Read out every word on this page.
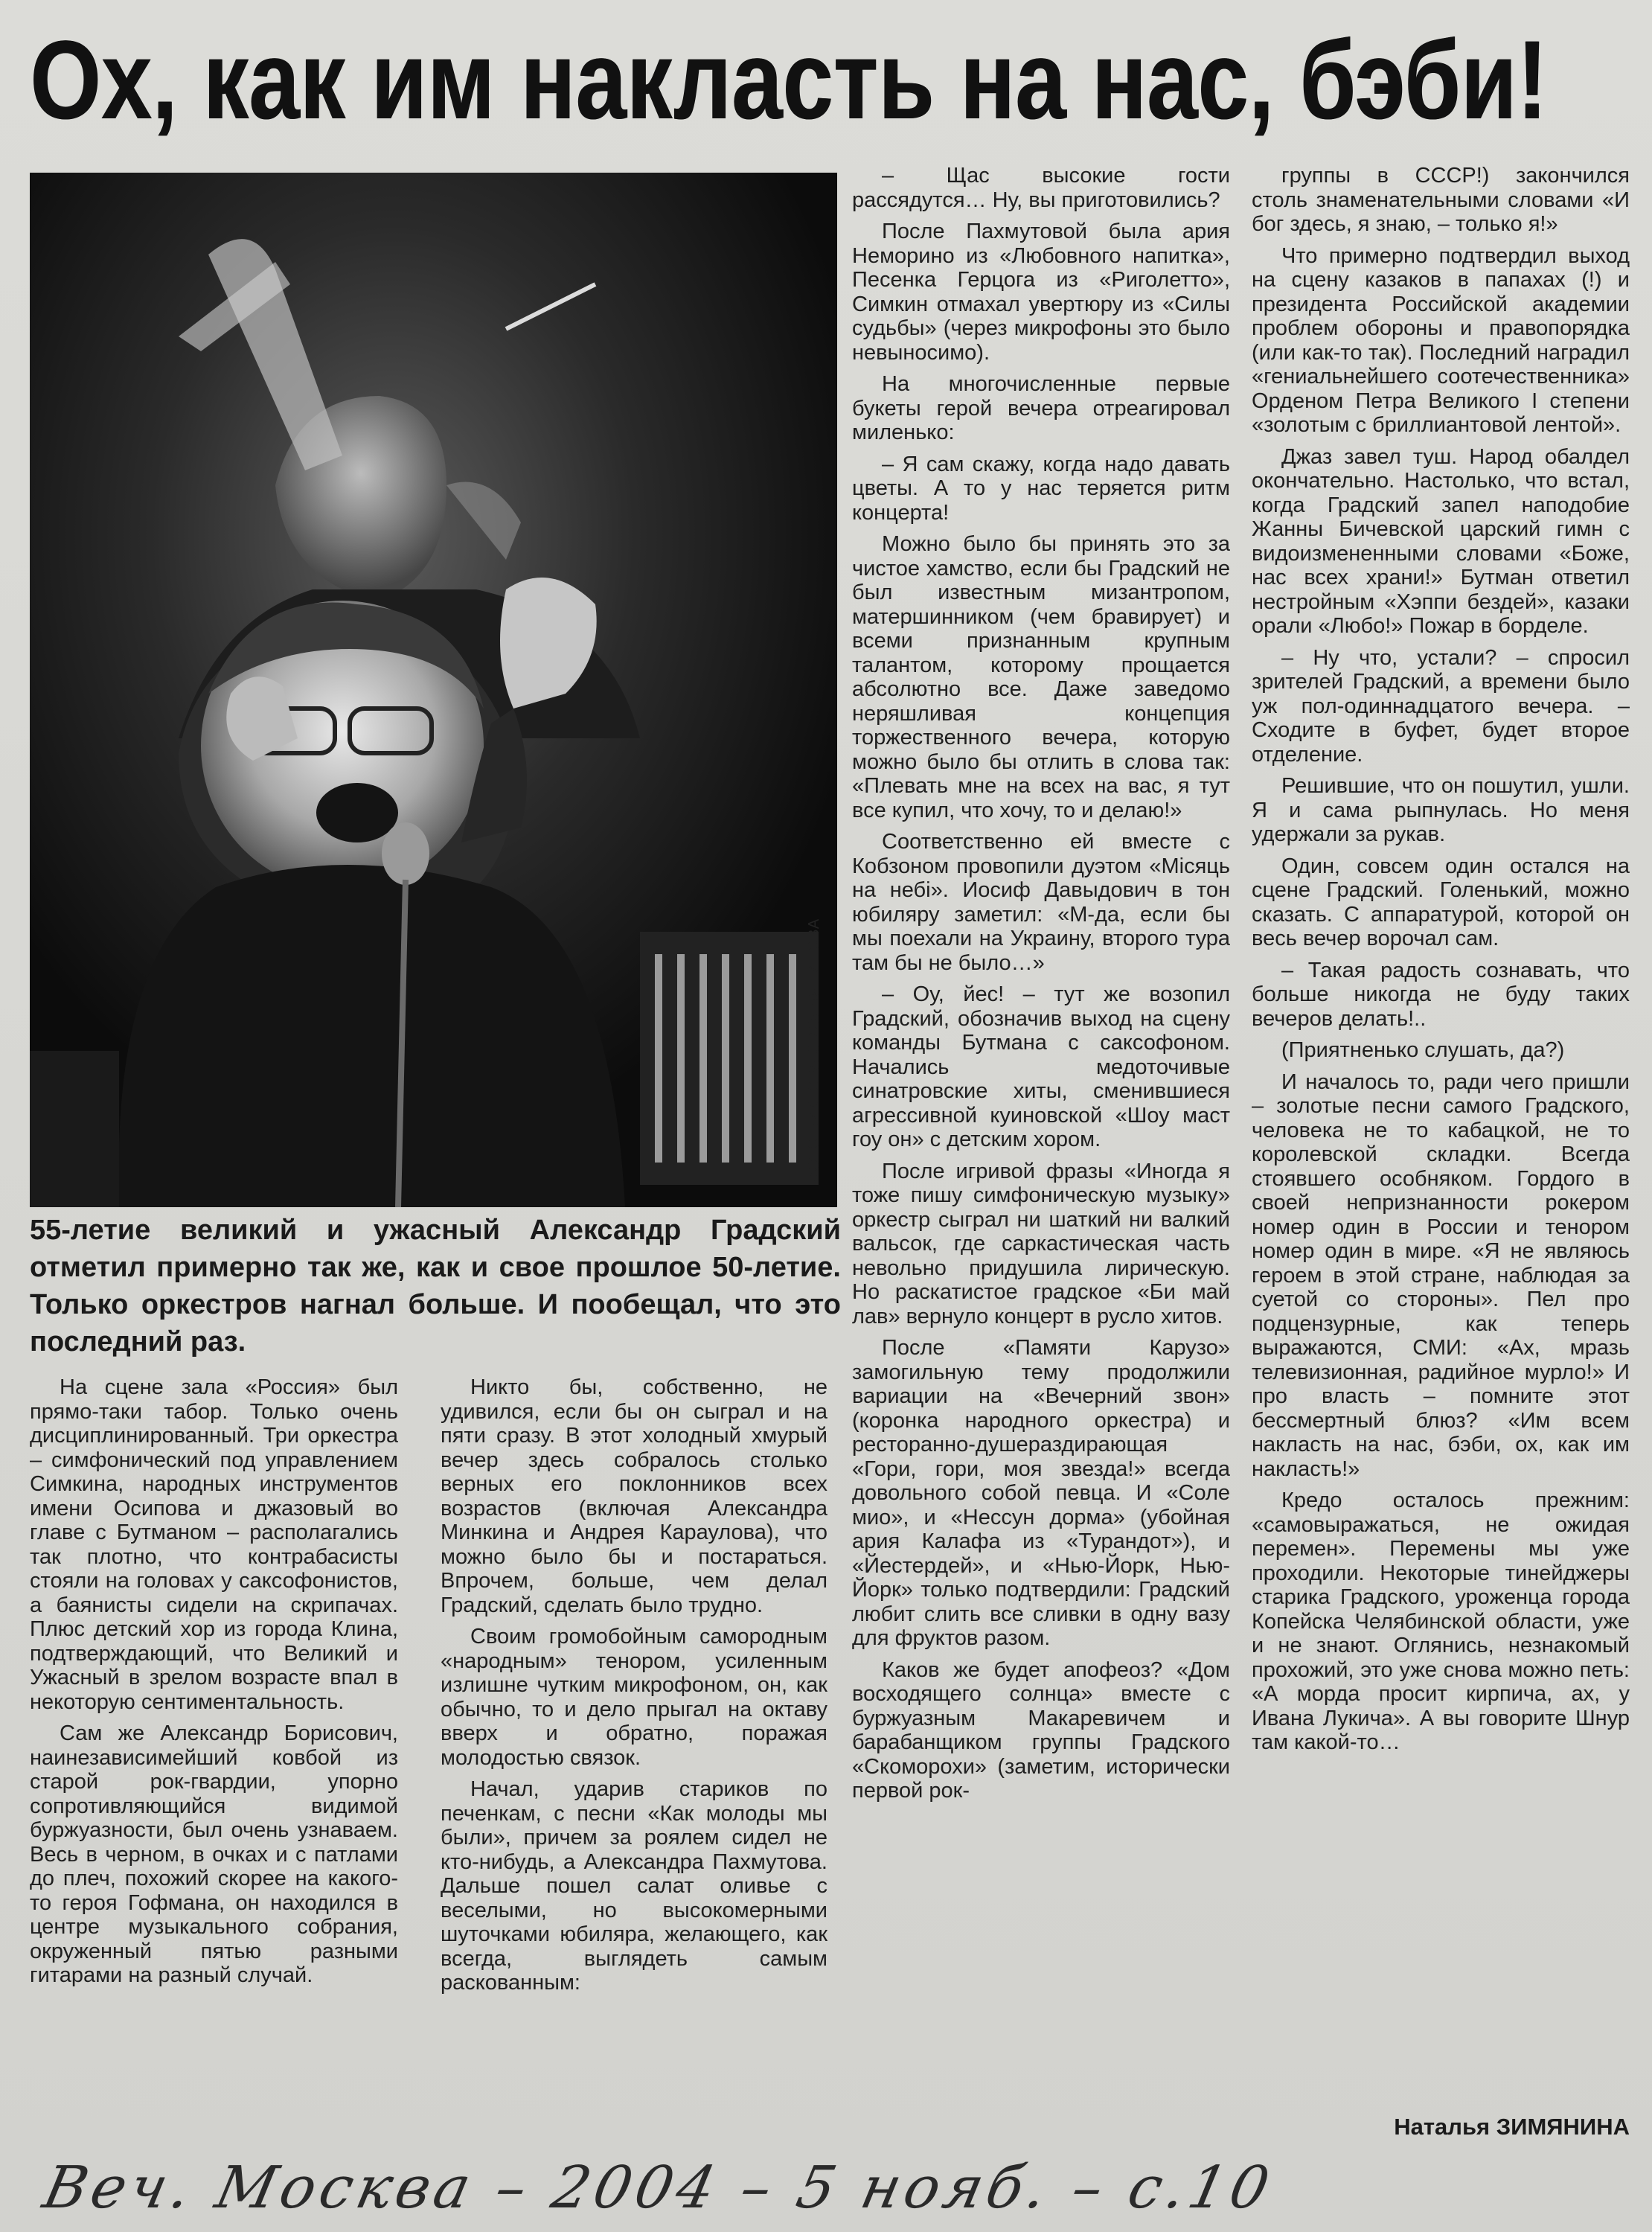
Ох, как им накласть на нас, бэби!
ФОТО ВИКТОРА СМОЛЬЯНИНОВА

55-летие великий и ужасный Александр Градский отметил примерно так же, как и свое прошлое 50-летие. Только оркестров нагнал больше. И пообещал, что это последний раз.

На сцене зала «Россия» был прямо-таки табор. Только очень дисциплинированный. Три оркестра – симфонический под управлением Симкина, народных инструментов имени Осипова и джазовый во главе с Бутманом – располагались так плотно, что контрабасисты стояли на головах у саксофонистов, а баянисты сидели на скрипачах. Плюс детский хор из города Клина, подтверждающий, что Великий и Ужасный в зрелом возрасте впал в некоторую сентиментальность.

Сам же Александр Борисович, наинезависимейший ковбой из старой рок-гвардии, упорно сопротивляющийся видимой буржуазности, был очень узнаваем. Весь в черном, в очках и с патлами до плеч, похожий скорее на какого-то героя Гофмана, он находился в центре музыкального собрания, окруженный пятью разными гитарами на разный случай.

Никто бы, собственно, не удивился, если бы он сыграл и на пяти сразу. В этот холодный хмурый вечер здесь собралось столько верных его поклонников всех возрастов (включая Александра Минкина и Андрея Караулова), что можно было бы и постараться. Впрочем, больше, чем делал Градский, сделать было трудно.

Своим громобойным самородным «народным» тенором, усиленным излишне чутким микрофоном, он, как обычно, то и дело прыгал на октаву вверх и обратно, поражая молодостью связок.

Начал, ударив стариков по печенкам, с песни «Как молоды мы были», причем за роялем сидел не кто-нибудь, а Александра Пахмутова. Дальше пошел салат оливье с веселыми, но высокомерными шуточками юбиляра, желающего, как всегда, выглядеть самым раскованным:

– Щас высокие гости рассядутся… Ну, вы приготовились?

После Пахмутовой была ария Неморино из «Любовного напитка», Песенка Герцога из «Риголетто», Симкин отмахал увертюру из «Силы судьбы» (через микрофоны это было невыносимо).

На многочисленные первые букеты герой вечера отреагировал миленько:

– Я сам скажу, когда надо давать цветы. А то у нас теряется ритм концерта!

Можно было бы принять это за чистое хамство, если бы Градский не был известным мизантропом, матершинником (чем бравирует) и всеми признанным крупным талантом, которому прощается абсолютно все. Даже заведомо неряшливая концепция торжественного вечера, которую можно было бы отлить в слова так: «Плевать мне на всех на вас, я тут все купил, что хочу, то и делаю!»

Соответственно ей вместе с Кобзоном провопили дуэтом «Місяць на небі». Иосиф Давыдович в тон юбиляру заметил: «М-да, если бы мы поехали на Украину, второго тура там бы не было…»

– Оу, йес! – тут же возопил Градский, обозначив выход на сцену команды Бутмана с саксофоном. Начались медоточивые синатровские хиты, сменившиеся агрессивной куиновской «Шоу маст гоу он» с детским хором.

После игривой фразы «Иногда я тоже пишу симфоническую музыку» оркестр сыграл ни шаткий ни валкий вальсок, где саркастическая часть невольно придушила лирическую. Но раскатистое градское «Би май лав» вернуло концерт в русло хитов.

После «Памяти Карузо» замогильную тему продолжили вариации на «Вечерний звон» (коронка народного оркестра) и ресторанно-душераздирающая «Гори, гори, моя звезда!» всегда довольного собой певца. И «Соле мио», и «Нессун дорма» (убойная ария Калафа из «Турандот»), и «Йестердей», и «Нью-Йорк, Нью-Йорк» только подтвердили: Градский любит слить все сливки в одну вазу для фруктов разом.

Каков же будет апофеоз? «Дом восходящего солнца» вместе с буржуазным Макаревичем и барабанщиком группы Градского «Скоморохи» (заметим, исторически первой рок-

группы в СССР!) закончился столь знаменательными словами «И бог здесь, я знаю, – только я!»

Что примерно подтвердил выход на сцену казаков в папахах (!) и президента Российской академии проблем обороны и правопорядка (или как-то так). Последний наградил «гениальнейшего соотечественника» Орденом Петра Великого I степени «золотым с бриллиантовой лентой».

Джаз завел туш. Народ обалдел окончательно. Настолько, что встал, когда Градский запел наподобие Жанны Бичевской царский гимн с видоизмененными словами «Боже, нас всех храни!» Бутман ответил нестройным «Хэппи бездей», казаки орали «Любо!» Пожар в борделе.

– Ну что, устали? – спросил зрителей Градский, а времени было уж пол-одиннадцатого вечера. – Сходите в буфет, будет второе отделение.

Решившие, что он пошутил, ушли. Я и сама рыпнулась. Но меня удержали за рукав.

Один, совсем один остался на сцене Градский. Голенький, можно сказать. С аппаратурой, которой он весь вечер ворочал сам.

– Такая радость сознавать, что больше никогда не буду таких вечеров делать!..

(Приятненько слушать, да?)

И началось то, ради чего пришли – золотые песни самого Градского, человека не то кабацкой, не то королевской складки. Всегда стоявшего особняком. Гордого в своей непризнанности рокером номер один в России и тенором номер один в мире. «Я не являюсь героем в этой стране, наблюдая за суетой со стороны». Пел про подцензурные, как теперь выражаются, СМИ: «Ах, мразь телевизионная, радийное мурло!» И про власть – помните этот бессмертный блюз? «Им всем накласть на нас, бэби, ох, как им накласть!»

Кредо осталось прежним: «самовыражаться, не ожидая перемен». Перемены мы уже проходили. Некоторые тинейджеры старика Градского, уроженца города Копейска Челябинской области, уже и не знают. Оглянись, незнакомый прохожий, это уже снова можно петь: «А морда просит кирпича, ах, у Ивана Лукича». А вы говорите Шнур там какой-то…

Наталья ЗИМЯНИНА
Веч. Москва – 2004 – 5 нояб. – с.10
